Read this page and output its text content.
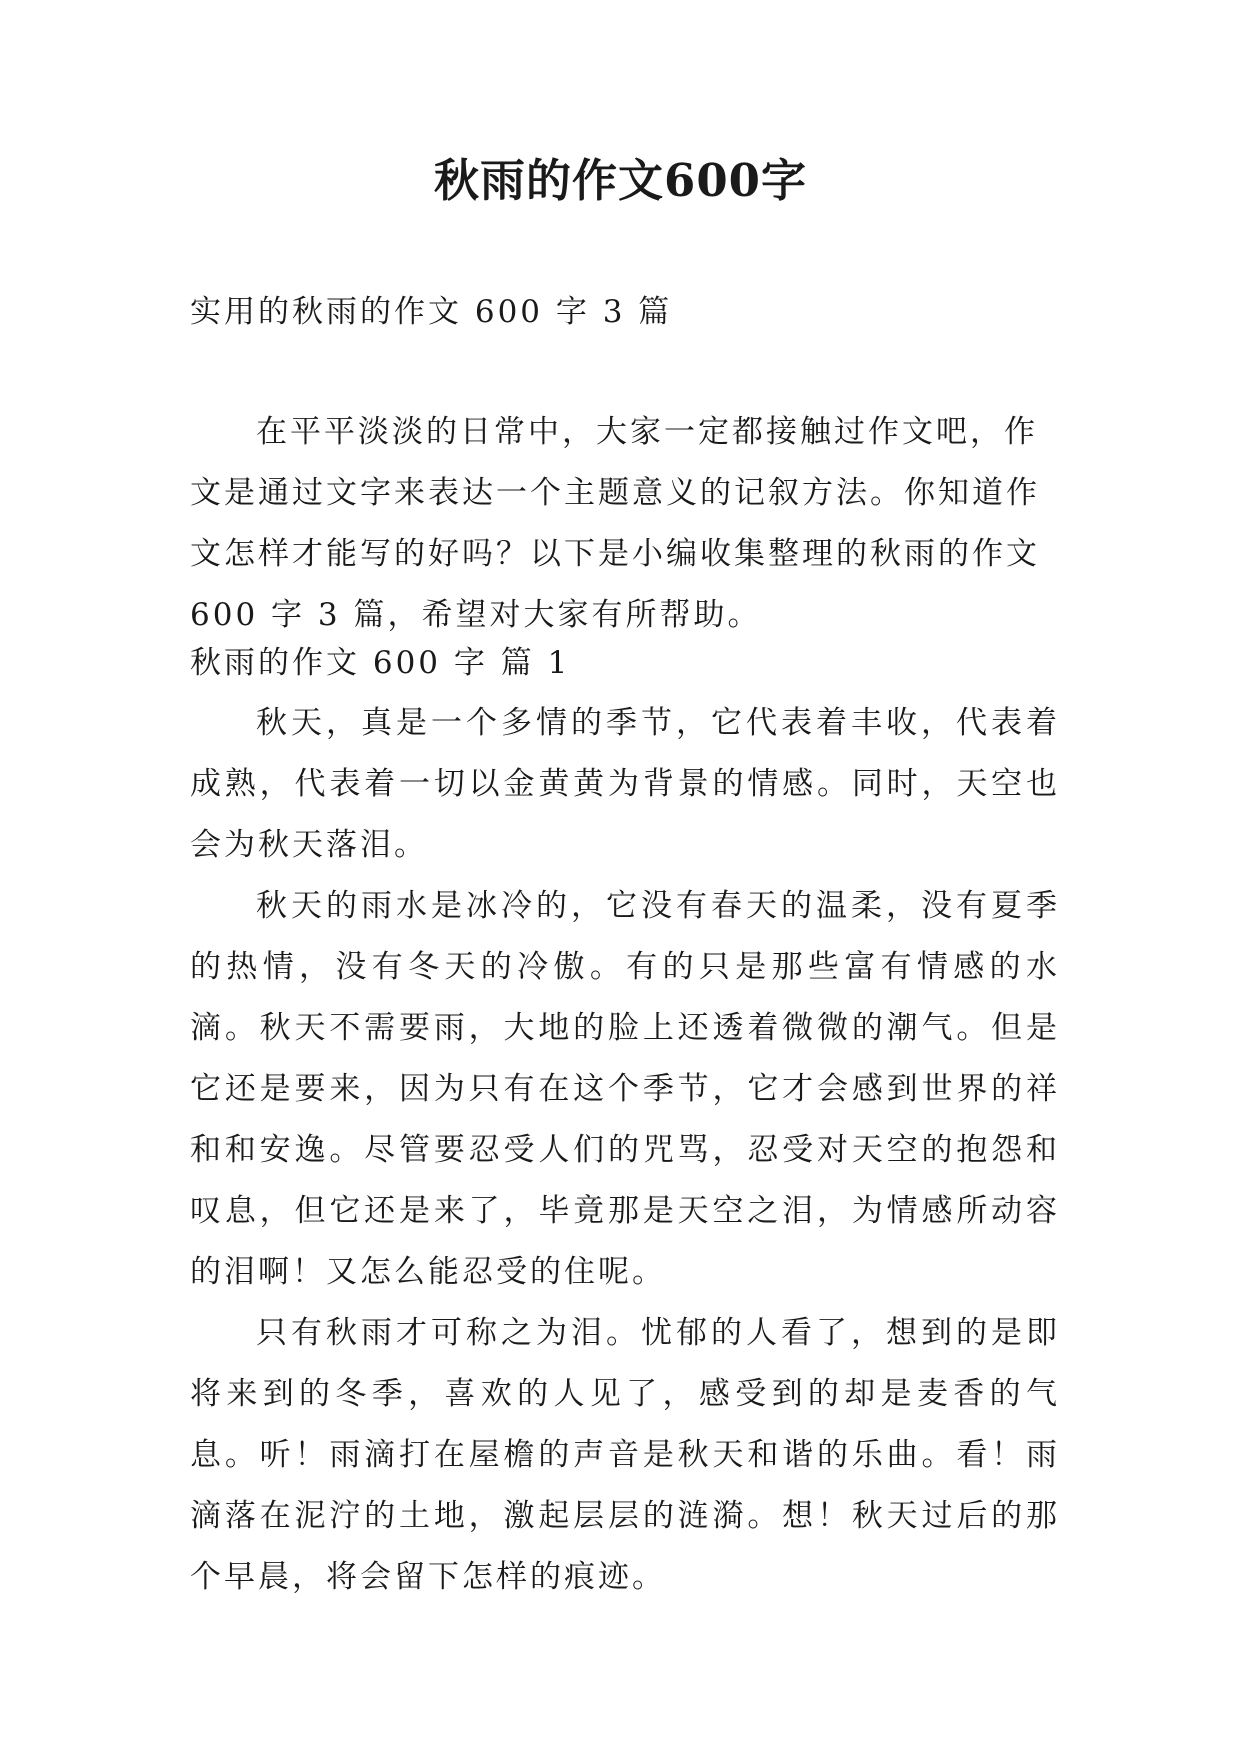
秋雨的作文600字

实用的秋雨的作文 600 字 3 篇

在平平淡淡的日常中，大家一定都接触过作文吧，作文是通过文字来表达一个主题意义的记叙方法。你知道作文怎样才能写的好吗？以下是小编收集整理的秋雨的作文 600 字 3 篇，希望对大家有所帮助。

秋雨的作文 600 字 篇 1

秋天，真是一个多情的季节，它代表着丰收，代表着成熟，代表着一切以金黄黄为背景的情感。同时，天空也会为秋天落泪。

秋天的雨水是冰冷的，它没有春天的温柔，没有夏季的热情，没有冬天的冷傲。有的只是那些富有情感的水滴。秋天不需要雨，大地的脸上还透着微微的潮气。但是它还是要来，因为只有在这个季节，它才会感到世界的祥和和安逸。尽管要忍受人们的咒骂，忍受对天空的抱怨和叹息，但它还是来了，毕竟那是天空之泪，为情感所动容的泪啊！又怎么能忍受的住呢。

只有秋雨才可称之为泪。忧郁的人看了，想到的是即将来到的冬季，喜欢的人见了，感受到的却是麦香的气息。听！雨滴打在屋檐的声音是秋天和谐的乐曲。看！雨滴落在泥泞的土地，激起层层的涟漪。想！秋天过后的那个早晨，将会留下怎样的痕迹。
